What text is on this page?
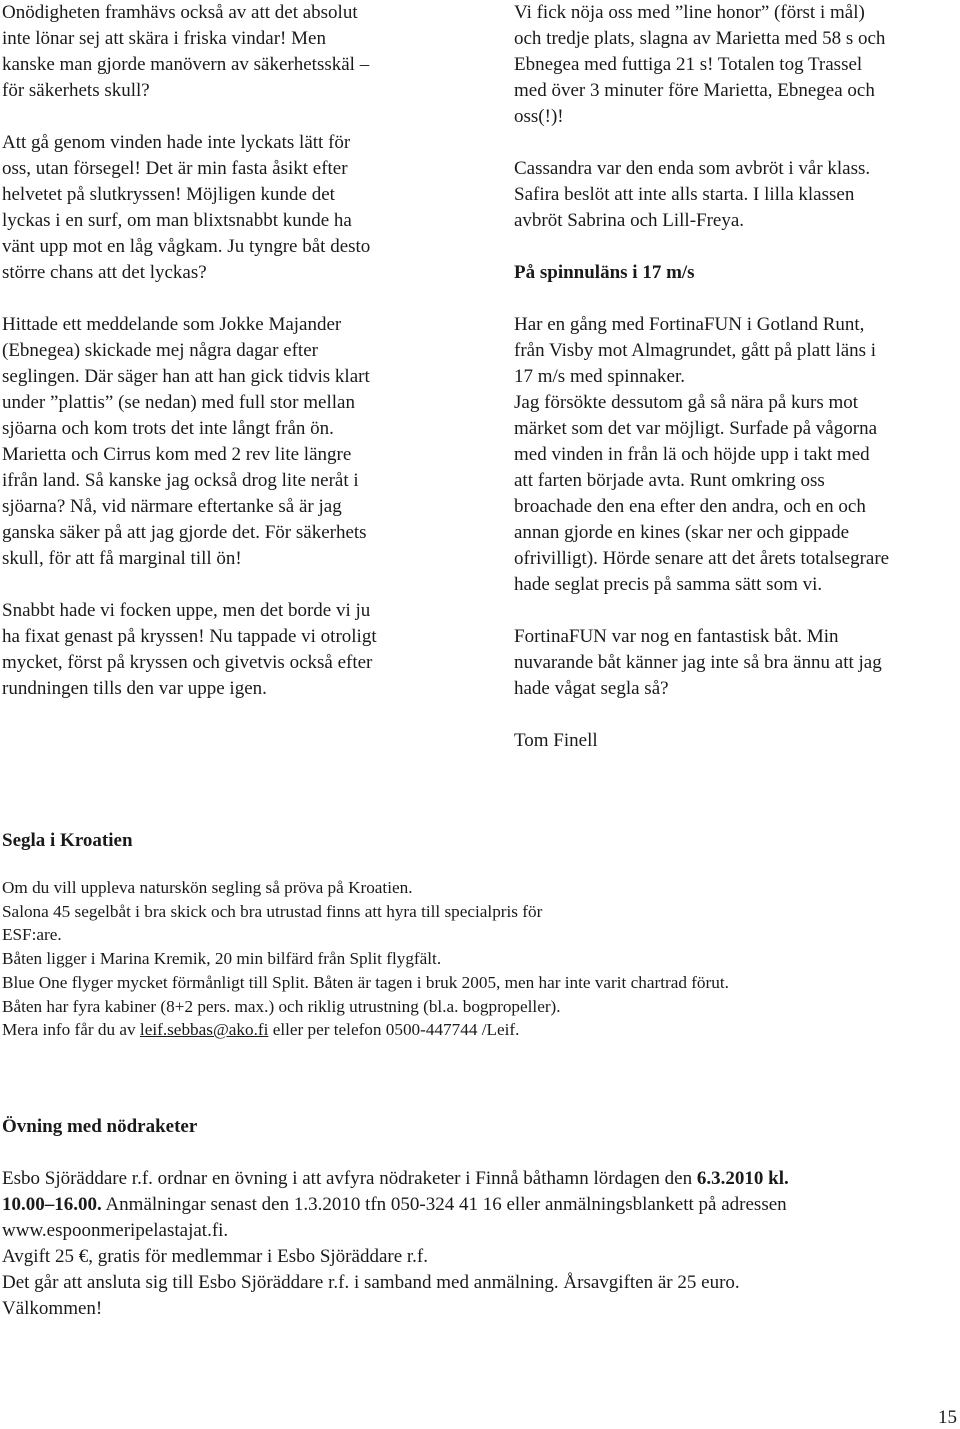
Onödigheten framhävs också av att det absolut

inte lönar sej att skära i friska vindar! Men

kanske man gjorde manövern av säkerhetsskäl –

för säkerhets skull?

Att gå genom vinden hade inte lyckats lätt för

oss, utan försegel! Det är min fasta åsikt efter

helvetet på slutkryssen! Möjligen kunde det

lyckas i en surf, om man blixtsnabbt kunde ha

vänt upp mot en låg vågkam. Ju tyngre båt desto

större chans att det lyckas?

Hittade ett meddelande som Jokke Majander

(Ebnegea) skickade mej några dagar efter

seglingen. Där säger han att han gick tidvis klart

under ”plattis” (se nedan) med full stor mellan

sjöarna och kom trots det inte långt från ön.

Marietta och Cirrus kom med 2 rev lite längre

ifrån land. Så kanske jag också drog lite neråt i

sjöarna? Nå, vid närmare eftertanke så är jag

ganska säker på att jag gjorde det. För säkerhets

skull, för att få marginal till ön!

Snabbt hade vi focken uppe, men det borde vi ju

ha fixat genast på kryssen! Nu tappade vi otroligt

mycket, först på kryssen och givetvis också efter

rundningen tills den var uppe igen.

Vi fick nöja oss med ”line honor” (först i mål)

och tredje plats, slagna av Marietta med 58 s och

Ebnegea med futtiga 21 s! Totalen tog Trassel

med över 3 minuter före Marietta, Ebnegea och

oss(!)!

Cassandra var den enda som avbröt i vår klass.

Safira beslöt att inte alls starta. I lilla klassen

avbröt Sabrina och Lill-Freya.

På spinnuläns i 17 m/s

Har en gång med FortinaFUN i Gotland Runt,

från Visby mot Almagrundet, gått på platt läns i

17 m/s med spinnaker.

Jag försökte dessutom gå så nära på kurs mot

märket som det var möjligt. Surfade på vågorna

med vinden in från lä och höjde upp i takt med

att farten började avta. Runt omkring oss

broachade den ena efter den andra, och en och

annan gjorde en kines (skar ner och gippade

ofrivilligt). Hörde senare att det årets totalsegrare

hade seglat precis på samma sätt som vi.

FortinaFUN var nog en fantastisk båt. Min

nuvarande båt känner jag inte så bra ännu att jag

hade vågat segla så?

Tom Finell

Segla i Kroatien

Om du vill uppleva naturskön segling så pröva på Kroatien.

Salona 45 segelbåt i bra skick och bra utrustad finns att hyra till specialpris för

ESF:are.

Båten ligger i Marina Kremik, 20 min bilfärd från Split flygfält.

Blue One flyger mycket förmånligt till Split. Båten är tagen i bruk 2005, men har inte varit chartrad förut.

Båten har fyra kabiner (8+2 pers. max.) och riklig utrustning (bl.a. bogpropeller).

Mera info får du av leif.sebbas@ako.fi eller per telefon 0500-447744 /Leif.

Övning med nödraketer

Esbo Sjöräddare r.f. ordnar en övning i att avfyra nödraketer i Finnå båthamn lördagen den 6.3.2010 kl.

10.00–16.00. Anmälningar senast den 1.3.2010 tfn 050-324 41 16 eller anmälningsblankett på adressen

www.espoonmeripelastajat.fi.

Avgift 25 €, gratis för medlemmar i Esbo Sjöräddare r.f.

Det går att ansluta sig till Esbo Sjöräddare r.f. i samband med anmälning. Årsavgiften är 25 euro.

Välkommen!

15
